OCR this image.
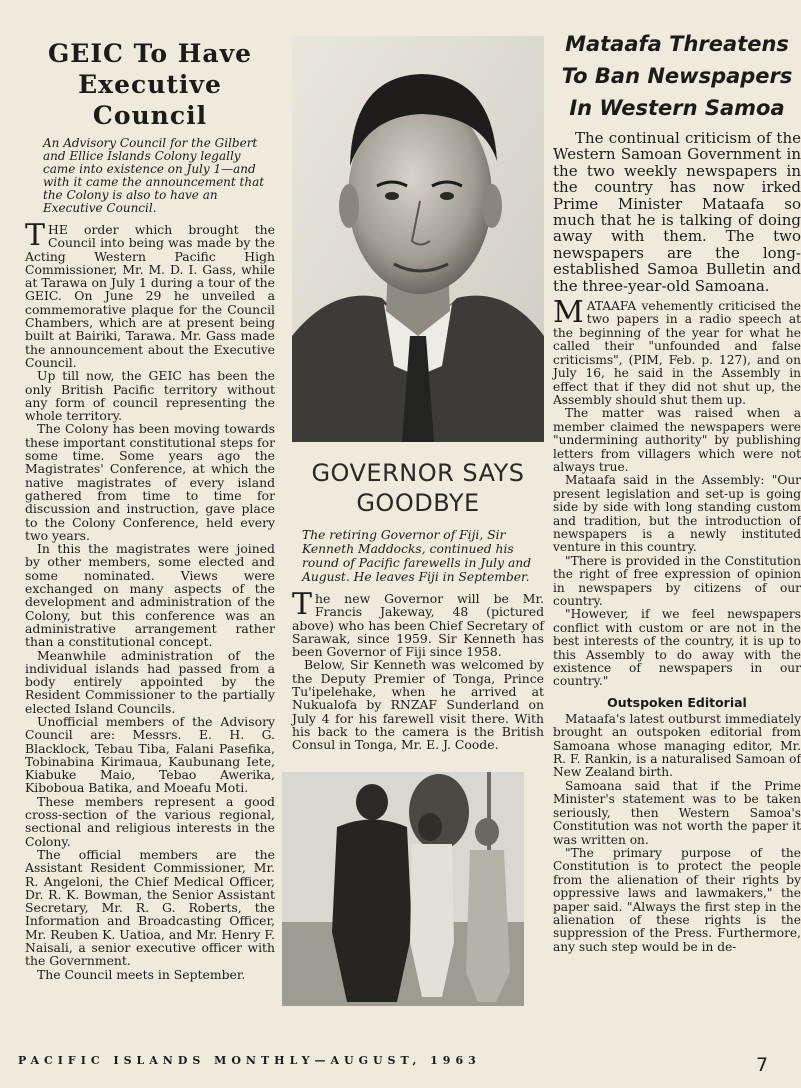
GEIC To Have Executive Council
An Advisory Council for the Gilbert and Ellice Islands Colony legally came into existence on July 1—and with it came the announcement that the Colony is also to have an Executive Council.

THE order which brought the Council into being was made by the Acting Western Pacific High Commissioner, Mr. M. D. I. Gass, while at Tarawa on July 1 during a tour of the GEIC. On June 29 he unveiled a commemorative plaque for the Council Chambers, which are at present being built at Bairiki, Tarawa. Mr. Gass made the announcement about the Executive Council.

Up till now, the GEIC has been the only British Pacific territory without any form of council representing the whole territory.

The Colony has been moving towards these important constitutional steps for some time. Some years ago the Magistrates' Conference, at which the native magistrates of every island gathered from time to time for discussion and instruction, gave place to the Colony Conference, held every two years.

In this the magistrates were joined by other members, some elected and some nominated. Views were exchanged on many aspects of the development and administration of the Colony, but this conference was an administrative arrangement rather than a constitutional concept.

Meanwhile administration of the individual islands had passed from a body entirely appointed by the Resident Commissioner to the partially elected Island Councils.

Unofficial members of the Advisory Council are: Messrs. E. H. G. Blacklock, Tebau Tiba, Falani Pasefika, Tobinabina Kirimaua, Kaubunang Iete, Kiabuke Maio, Tebao Awerika, Kiboboua Batika, and Moeafu Moti.

These members represent a good cross-section of the various regional, sectional and religious interests in the Colony.

The official members are the Assistant Resident Commissioner, Mr. R. Angeloni, the Chief Medical Officer, Dr. R. K. Bowman, the Senior Assistant Secretary, Mr. R. G. Roberts, the Information and Broadcasting Officer, Mr. Reuben K. Uatioa, and Mr. Henry F. Naisali, a senior executive officer with the Government.

The Council meets in September.

GOVERNOR SAYS GOODBYE
The retiring Governor of Fiji, Sir Kenneth Maddocks, continued his round of Pacific farewells in July and August. He leaves Fiji in September.

The new Governor will be Mr. Francis Jakeway, 48 (pictured above) who has been Chief Secretary of Sarawak, since 1959. Sir Kenneth has been Governor of Fiji since 1958.

Below, Sir Kenneth was welcomed by the Deputy Premier of Tonga, Prince Tu'ipelehake, when he arrived at Nukualofa by RNZAF Sunderland on July 4 for his farewell visit there. With his back to the camera is the British Consul in Tonga, Mr. E. J. Coode.

Mataafa Threatens
To Ban Newspapers
In Western Samoa
The continual criticism of the Western Samoan Government in the two weekly newspapers in the country has now irked Prime Minister Mataafa so much that he is talking of doing away with them. The two newspapers are the long-established Samoa Bulletin and the three-year-old Samoana.

MATAAFA vehemently criticised the two papers in a radio speech at the beginning of the year for what he called their "unfounded and false criticisms", (PIM, Feb. p. 127), and on July 16, he said in the Assembly in effect that if they did not shut up, the Assembly should shut them up.

The matter was raised when a member claimed the newspapers were "undermining authority" by publishing letters from villagers which were not always true.

Mataafa said in the Assembly: "Our present legislation and set-up is going side by side with long standing custom and tradition, but the introduction of newspapers is a newly instituted venture in this country.

"There is provided in the Constitution the right of free expression of opinion in newspapers by citizens of our country.

"However, if we feel newspapers conflict with custom or are not in the best interests of the country, it is up to this Assembly to do away with the existence of newspapers in our country."

Outspoken Editorial

Mataafa's latest outburst immediately brought an outspoken editorial from Samoana whose managing editor, Mr. R. F. Rankin, is a naturalised Samoan of New Zealand birth.

Samoana said that if the Prime Minister's statement was to be taken seriously, then Western Samoa's Constitution was not worth the paper it was written on.

"The primary purpose of the Constitution is to protect the people from the alienation of their rights by oppressive laws and lawmakers," the paper said. "Always the first step in the alienation of these rights is the suppression of the Press. Furthermore, any such step would be in de-

PACIFIC ISLANDS MONTHLY—AUGUST, 1963	7
